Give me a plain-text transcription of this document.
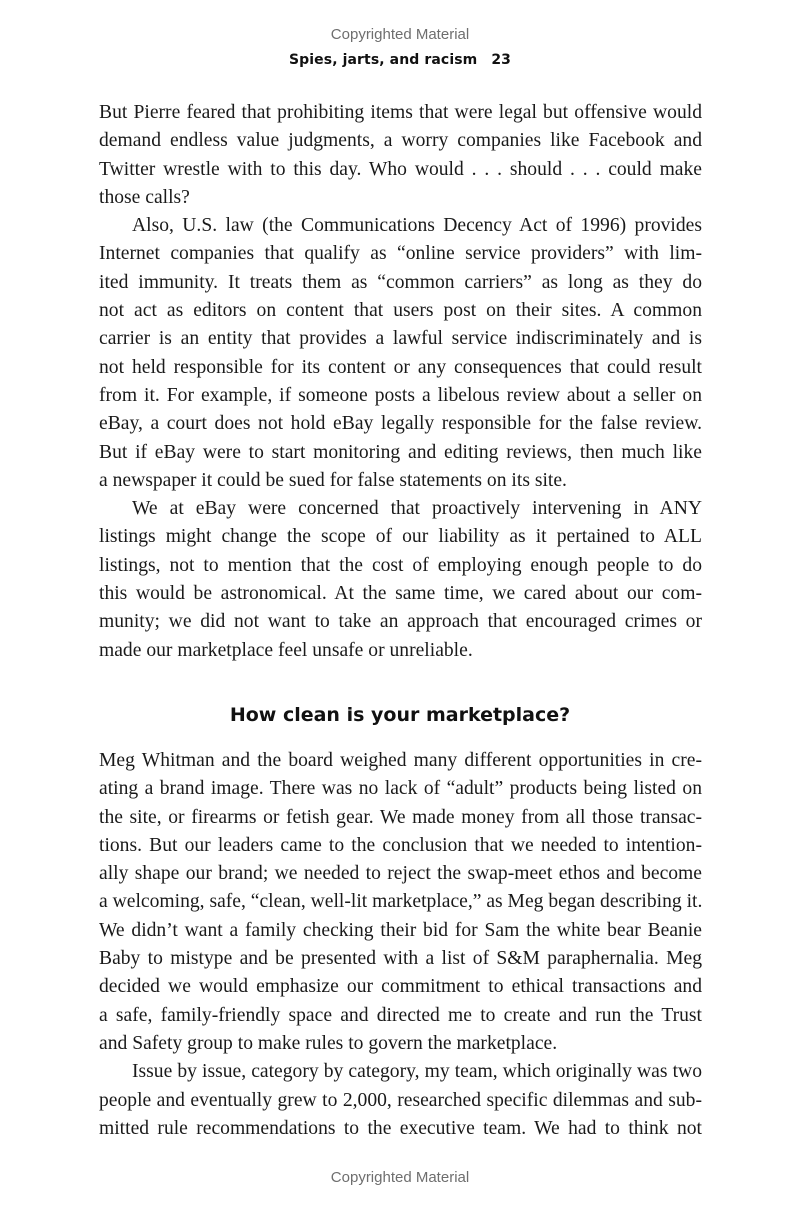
Copyrighted Material
Spies, jarts, and racism 23
But Pierre feared that prohibiting items that were legal but offensive would
demand endless value judgments, a worry companies like Facebook and
Twitter wrestle with to this day. Who would . . . should . . . could make
those calls?
Also, U.S. law (the Communications Decency Act of 1996) provides
Internet companies that qualify as “online service providers” with lim-
ited immunity. It treats them as “common carriers” as long as they do
not act as editors on content that users post on their sites. A common
carrier is an entity that provides a lawful service indiscriminately and is
not held responsible for its content or any consequences that could result
from it. For example, if someone posts a libelous review about a seller on
eBay, a court does not hold eBay legally responsible for the false review.
But if eBay were to start monitoring and editing reviews, then much like
a newspaper it could be sued for false statements on its site.
We at eBay were concerned that proactively intervening in ANY
listings might change the scope of our liability as it pertained to ALL
listings, not to mention that the cost of employing enough people to do
this would be astronomical. At the same time, we cared about our com-
munity; we did not want to take an approach that encouraged crimes or
made our marketplace feel unsafe or unreliable.
How clean is your marketplace?
Meg Whitman and the board weighed many different opportunities in cre-
ating a brand image. There was no lack of “adult” products being listed on
the site, or firearms or fetish gear. We made money from all those transac-
tions. But our leaders came to the conclusion that we needed to intention-
ally shape our brand; we needed to reject the swap-meet ethos and become
a welcoming, safe, “clean, well-lit marketplace,” as Meg began describing it.
We didn’t want a family checking their bid for Sam the white bear Beanie
Baby to mistype and be presented with a list of S&M paraphernalia. Meg
decided we would emphasize our commitment to ethical transactions and
a safe, family-friendly space and directed me to create and run the Trust
and Safety group to make rules to govern the marketplace.
Issue by issue, category by category, my team, which originally was two
people and eventually grew to 2,000, researched specific dilemmas and sub-
mitted rule recommendations to the executive team. We had to think not
Copyrighted Material
